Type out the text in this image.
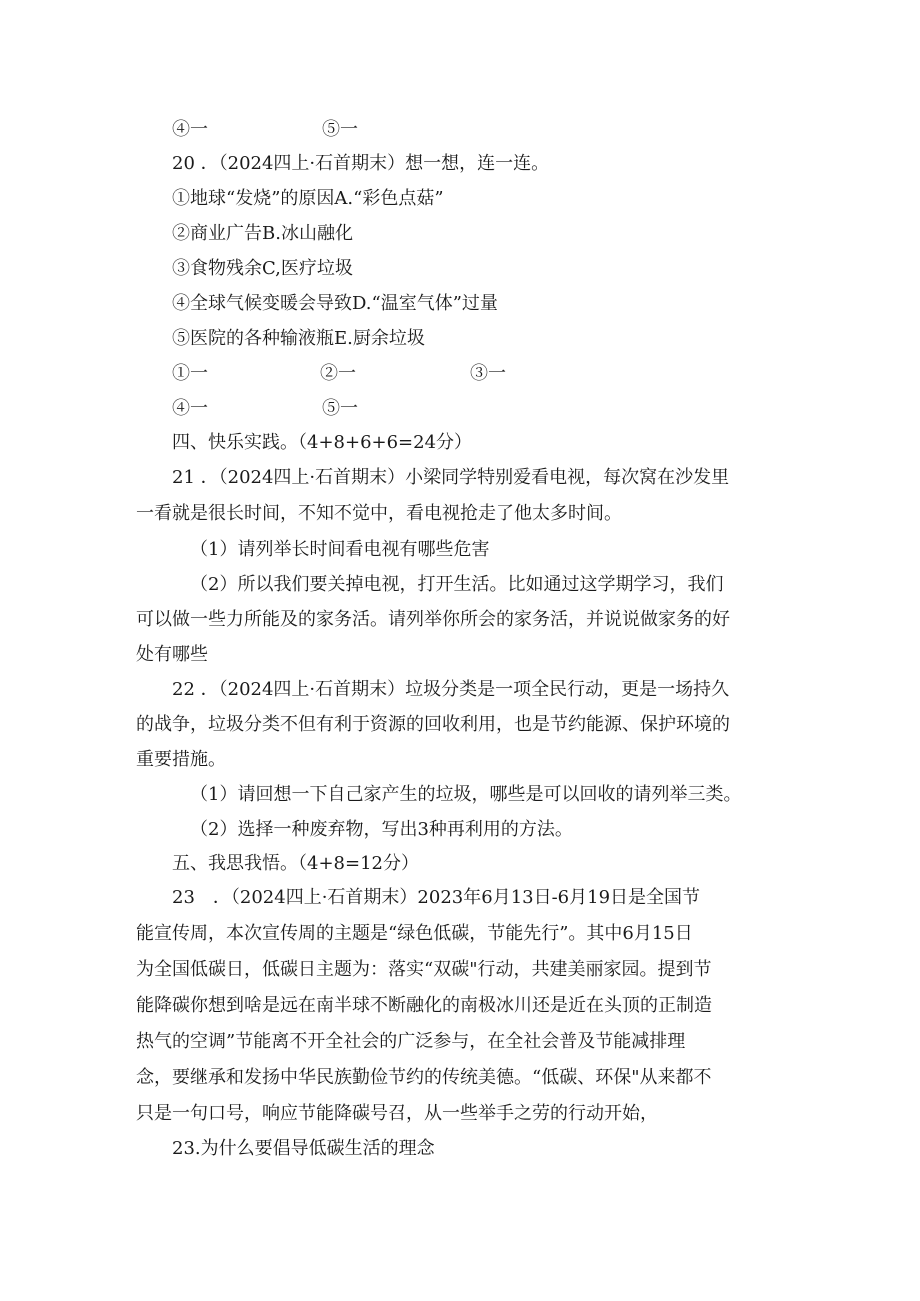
④一	⑤一
20 ．（2024四上·石首期末）想一想，连一连。
①地球“发烧”的原因A.“彩色点菇”
②商业广告B.冰山融化
③食物残余C,医疗垃圾
④全球气候变暖会导致D.“温室气体”过量
⑤医院的各种输液瓶E.厨余垃圾
①一	②一	③一
④一	⑤一
四、快乐实践。（4+8+6+6=24分）
21 ．（2024四上·石首期末）小梁同学特别爱看电视，每次窝在沙发里
一看就是很长时间，不知不觉中，看电视抢走了他太多时间。
（1）请列举长时间看电视有哪些危害
（2）所以我们要关掉电视，打开生活。比如通过这学期学习，我们
可以做一些力所能及的家务活。请列举你所会的家务活，并说说做家务的好
处有哪些
22 ．（2024四上·石首期末）垃圾分类是一项全民行动，更是一场持久
的战争，垃圾分类不但有利于资源的回收利用，也是节约能源、保护环境的
重要措施。
（1）请回想一下自己家产生的垃圾，哪些是可以回收的请列举三类。
（2）选择一种废弃物，写出3种再利用的方法。
五、我思我悟。（4+8=12分）
23　．（2024四上·石首期末）2023年6月13日-6月19日是全国节
能宣传周，本次宣传周的主题是“绿色低碳，节能先行”。其中6月15日
为全国低碳日，低碳日主题为：落实“双碳"行动，共建美丽家园。提到节
能降碳你想到啥是远在南半球不断融化的南极冰川还是近在头顶的正制造
热气的空调”节能离不开全社会的广泛参与，在全社会普及节能减排理
念，要继承和发扬中华民族勤俭节约的传统美德。“低碳、环保"从来都不
只是一句口号，响应节能降碳号召，从一些举手之劳的行动开始，
23.为什么要倡导低碳生活的理念
